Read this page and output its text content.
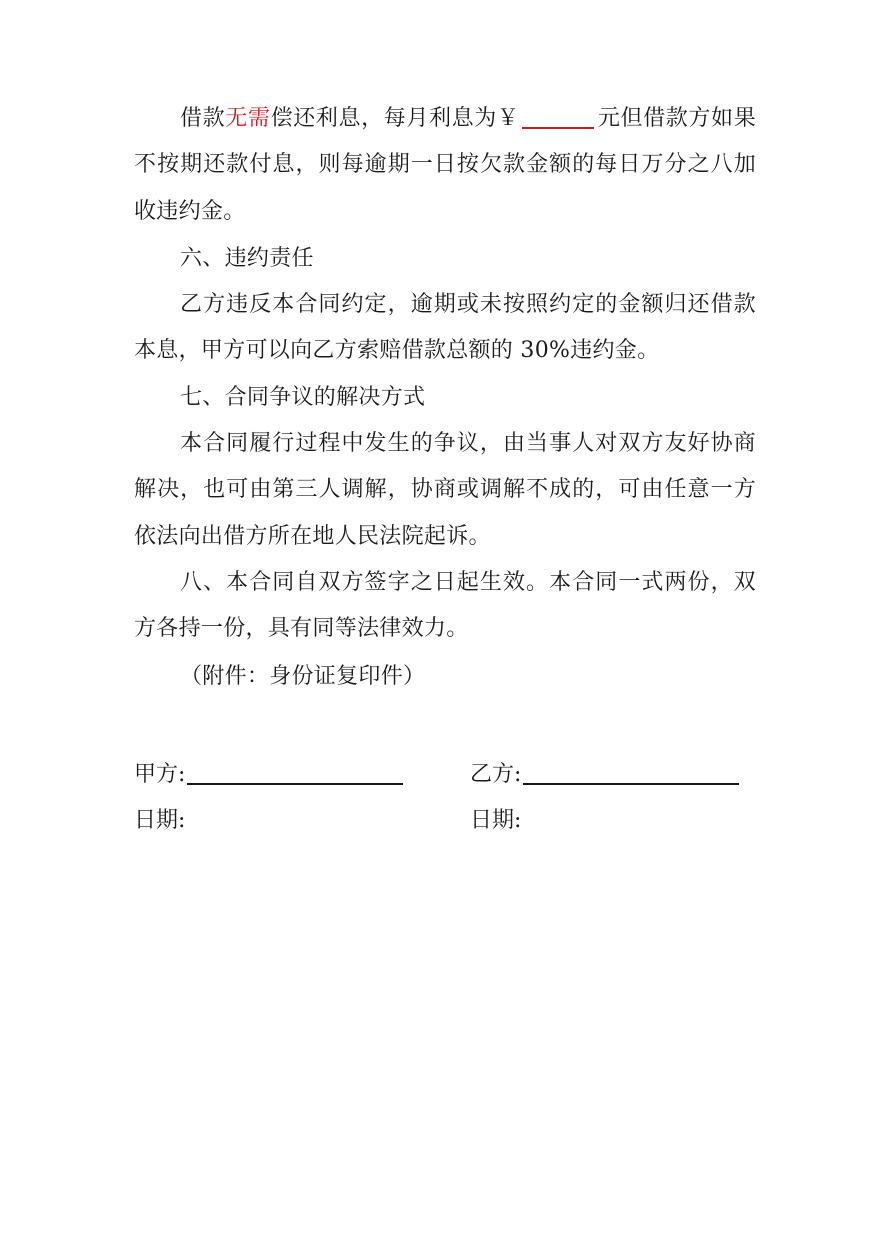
借款无需偿还利息，每月利息为￥	元但借款方如果不按期还款付息，则每逾期一日按欠款金额的每日万分之八加收违约金。

六、违约责任

乙方违反本合同约定，逾期或未按照约定的金额归还借款本息，甲方可以向乙方索赔借款总额的 30%违约金。

七、合同争议的解决方式

本合同履行过程中发生的争议，由当事人对双方友好协商解决，也可由第三人调解，协商或调解不成的，可由任意一方依法向出借方所在地人民法院起诉。

八、本合同自双方签字之日起生效。本合同一式两份，双方各持一份，具有同等法律效力。

（附件：身份证复印件）

甲方:	乙方:
日期:	日期:
